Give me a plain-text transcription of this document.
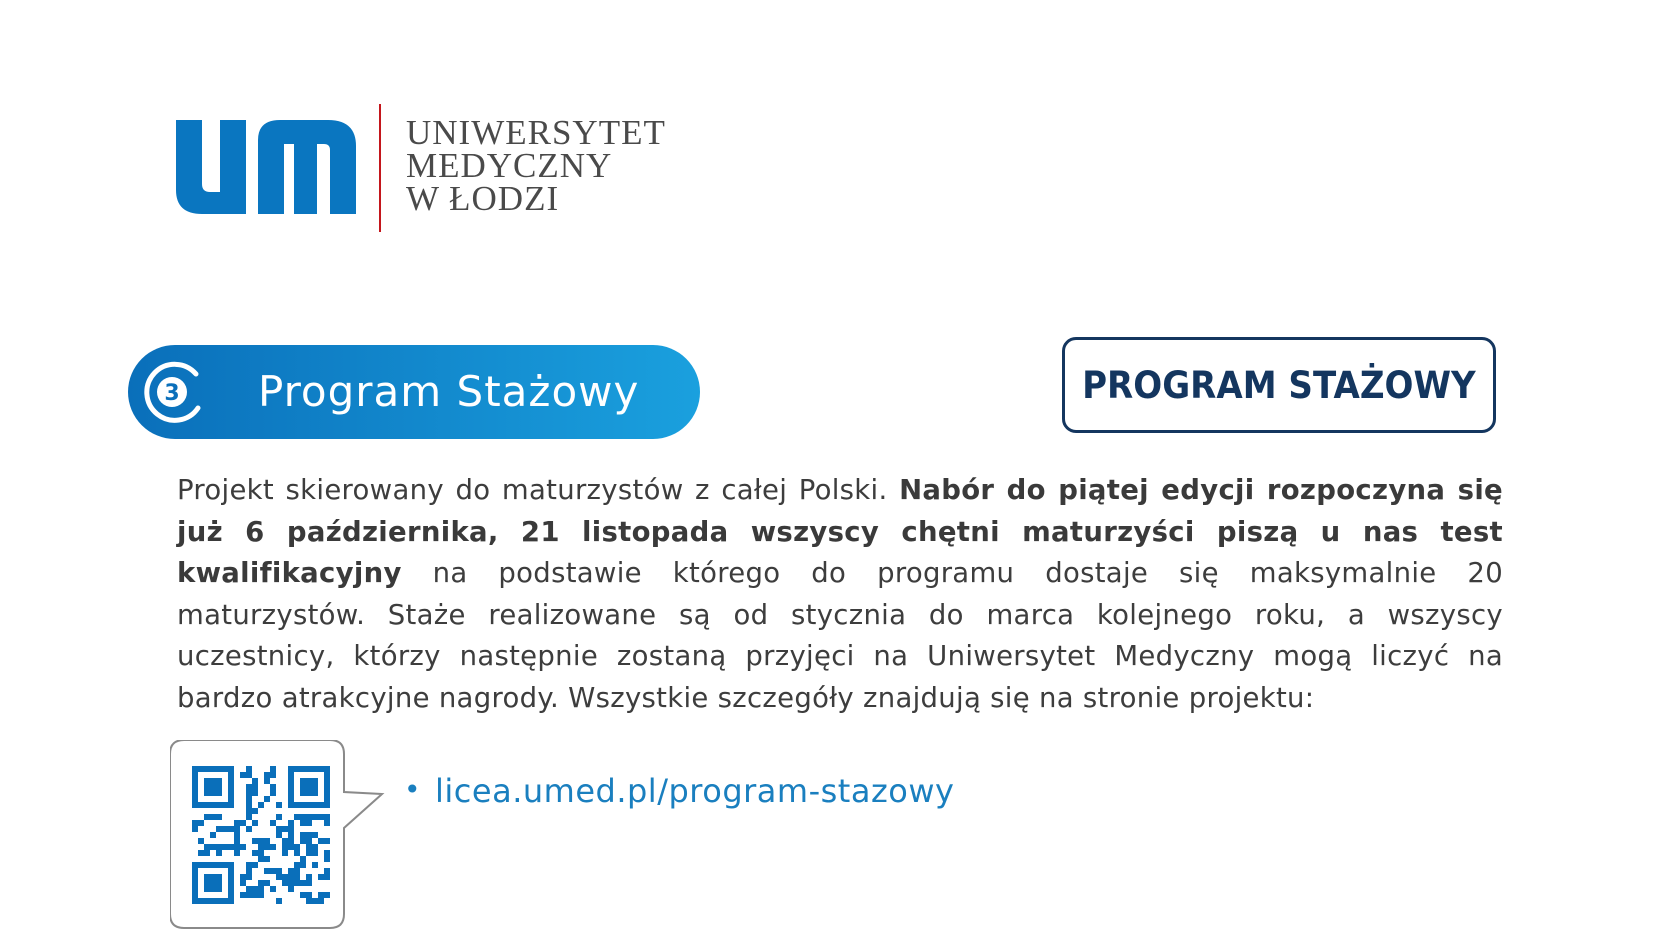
UNIWERSYTET
MEDYCZNY
W ŁODZI
3 Program Stażowy	PROGRAM STAŻOWY
Projekt skierowany do maturzystów z całej Polski. Nabór do piątej edycji rozpoczyna się już 6 października, 21 listopada wszyscy chętni maturzyści piszą u nas test kwalifikacyjny na podstawie którego do programu dostaje się maksymalnie 20 maturzystów. Staże realizowane są od stycznia do marca kolejnego roku, a wszyscy uczestnicy, którzy następnie zostaną przyjęci na Uniwersytet Medyczny mogą liczyć na bardzo atrakcyjne nagrody. Wszystkie szczegóły znajdują się na stronie projektu:
• licea.umed.pl/program-stazowy
